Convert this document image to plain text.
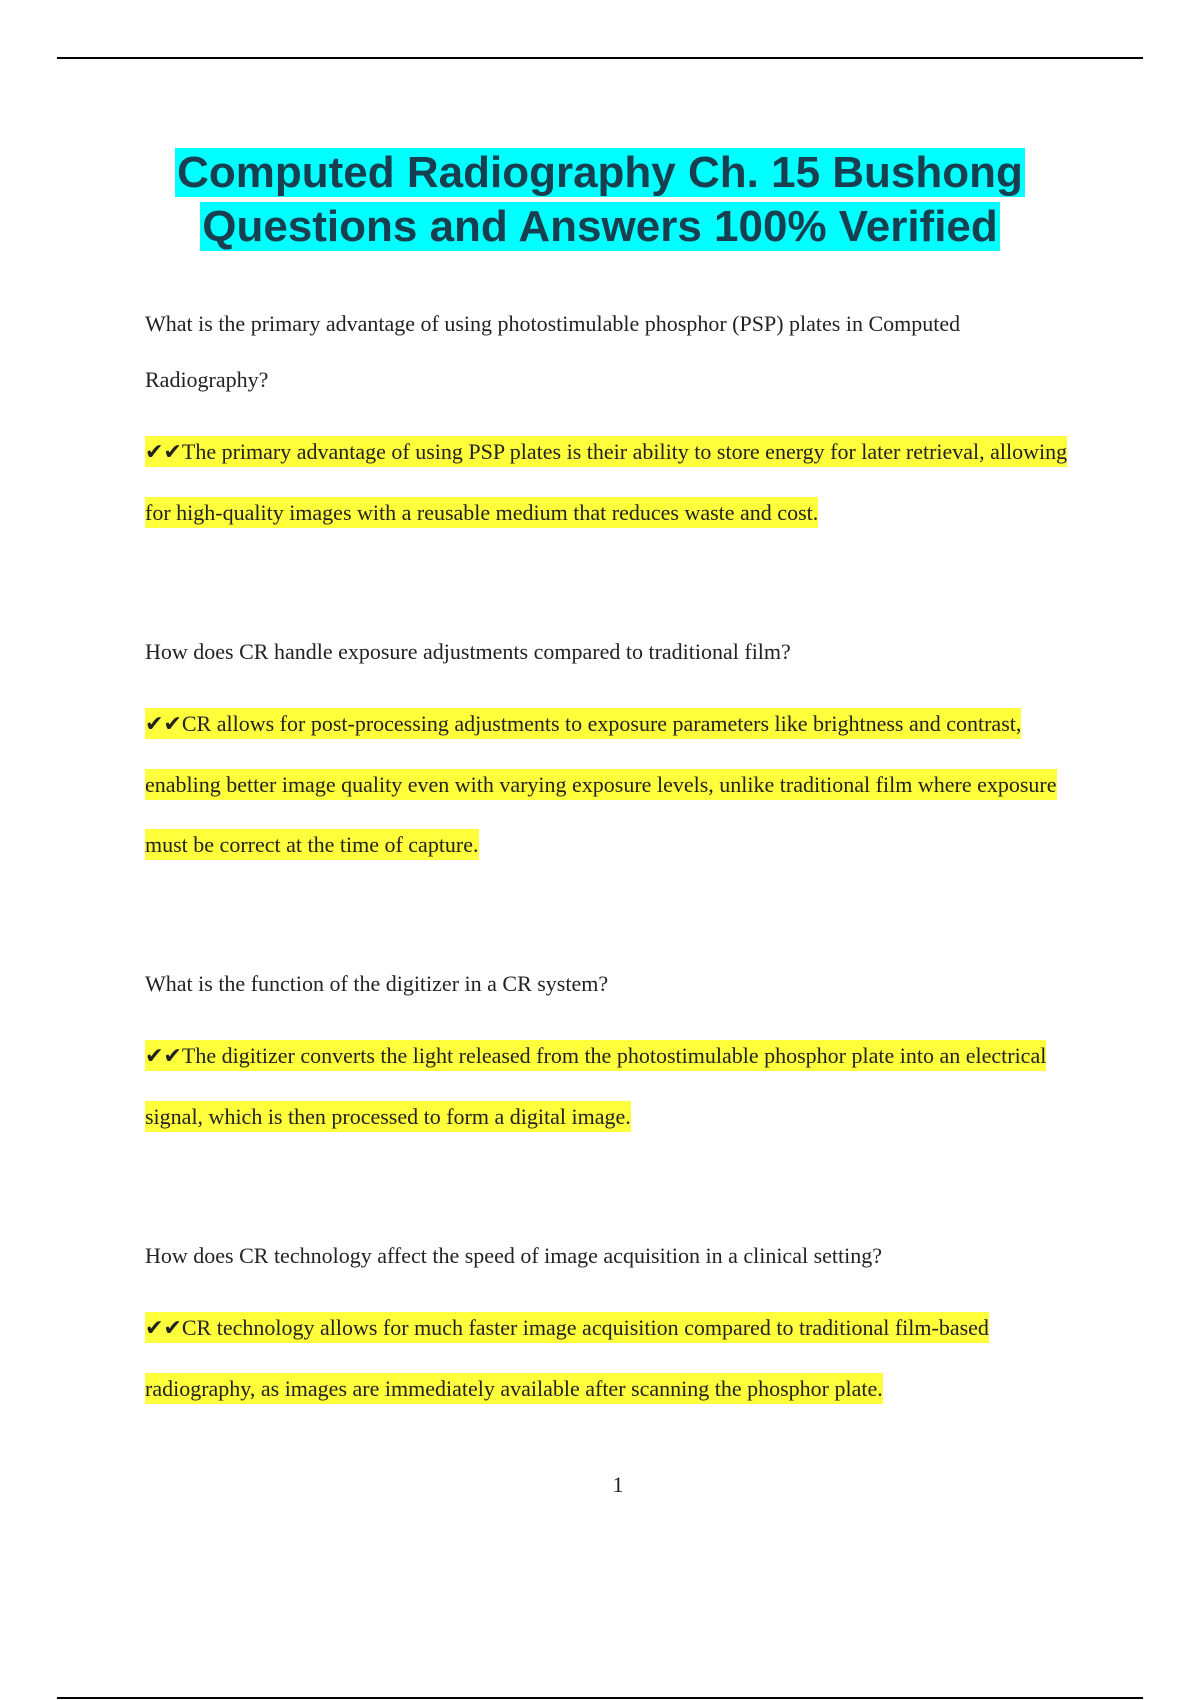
Computed Radiography Ch. 15 Bushong
Questions and Answers 100% Verified

What is the primary advantage of using photostimulable phosphor (PSP) plates in Computed Radiography?

✔✔The primary advantage of using PSP plates is their ability to store energy for later retrieval, allowing for high-quality images with a reusable medium that reduces waste and cost.

How does CR handle exposure adjustments compared to traditional film?

✔✔CR allows for post-processing adjustments to exposure parameters like brightness and contrast, enabling better image quality even with varying exposure levels, unlike traditional film where exposure must be correct at the time of capture.

What is the function of the digitizer in a CR system?

✔✔The digitizer converts the light released from the photostimulable phosphor plate into an electrical signal, which is then processed to form a digital image.

How does CR technology affect the speed of image acquisition in a clinical setting?

✔✔CR technology allows for much faster image acquisition compared to traditional film-based radiography, as images are immediately available after scanning the phosphor plate.

1
